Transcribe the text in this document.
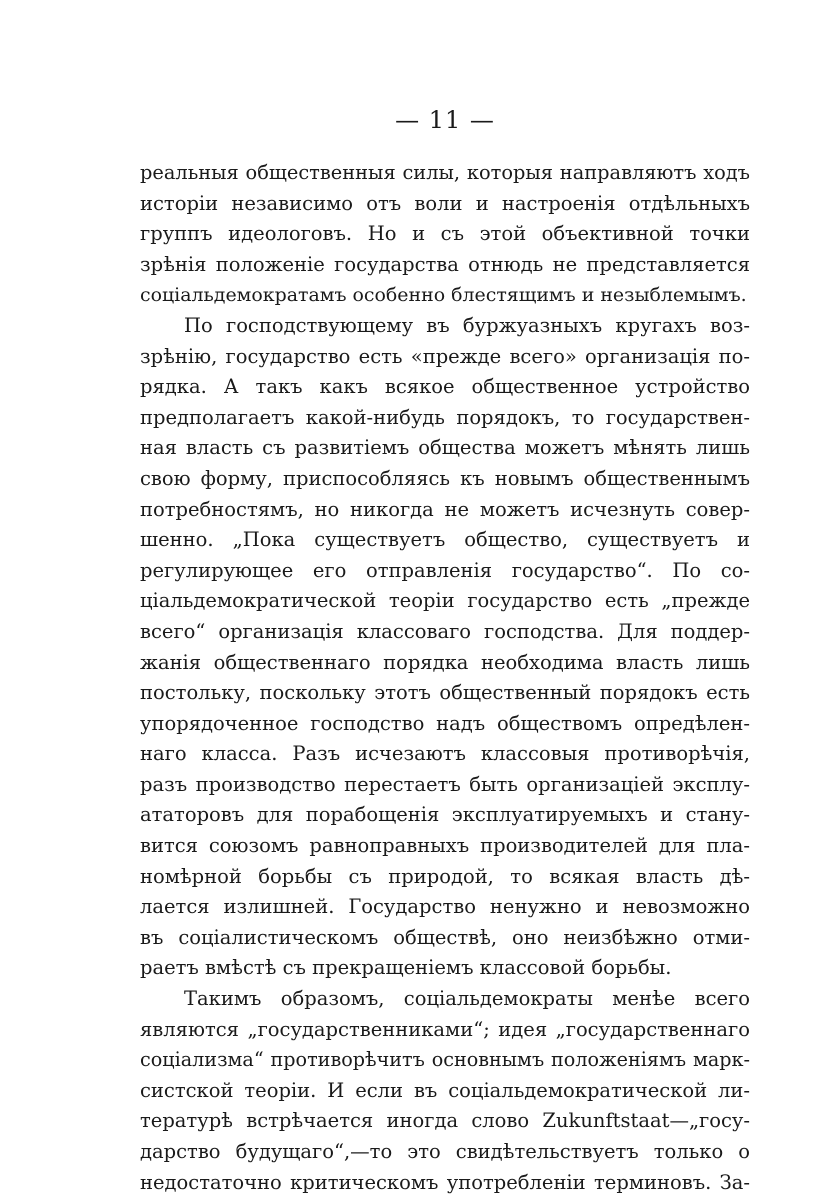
— 11 —
реальныя общественныя силы, которыя направляютъ ходъ
исторіи независимо отъ воли и настроенія отдѣльныхъ
группъ идеологовъ. Но и съ этой объективной точки
зрѣнія положеніе государства отнюдь не представляется
соціальдемократамъ особенно блестящимъ и незыблемымъ.
По господствующему въ буржуазныхъ кругахъ воз-
зрѣнію, государство есть «прежде всего» организація по-
рядка. А такъ какъ всякое общественное устройство
предполагаетъ какой-нибудь порядокъ, то государствен-
ная власть съ развитіемъ общества можетъ мѣнять лишь
свою форму, приспособляясь къ новымъ общественнымъ
потребностямъ, но никогда не можетъ исчезнуть совер-
шенно. „Пока существуетъ общество, существуетъ и
регулирующее его отправленія государство“. По со-
ціальдемократической теоріи государство есть „прежде
всего“ организація классоваго господства. Для поддер-
жанія общественнаго порядка необходима власть лишь
постольку, поскольку этотъ общественный порядокъ есть
упорядоченное господство надъ обществомъ опредѣлен-
наго класса. Разъ исчезаютъ классовыя противорѣчія,
разъ производство перестаетъ быть организаціей эксплу-
ататоровъ для порабощенія эксплуатируемыхъ и стану-
вится союзомъ равноправныхъ производителей для пла-
номѣрной борьбы съ природой, то всякая власть дѣ-
лается излишней. Государство ненужно и невозможно
въ соціалистическомъ обществѣ, оно неизбѣжно отми-
раетъ вмѣстѣ съ прекращеніемъ классовой борьбы.
Такимъ образомъ, соціальдемократы менѣе всего
являются „государственниками“; идея „государственнаго
соціализма“ противорѣчитъ основнымъ положеніямъ марк-
систской теоріи. И если въ соціальдемократической ли-
тературѣ встрѣчается иногда слово Zukunftstaat—„госу-
дарство будущаго“,—то это свидѣтельствуетъ только о
недостаточно критическомъ употребленіи терминовъ. За-
